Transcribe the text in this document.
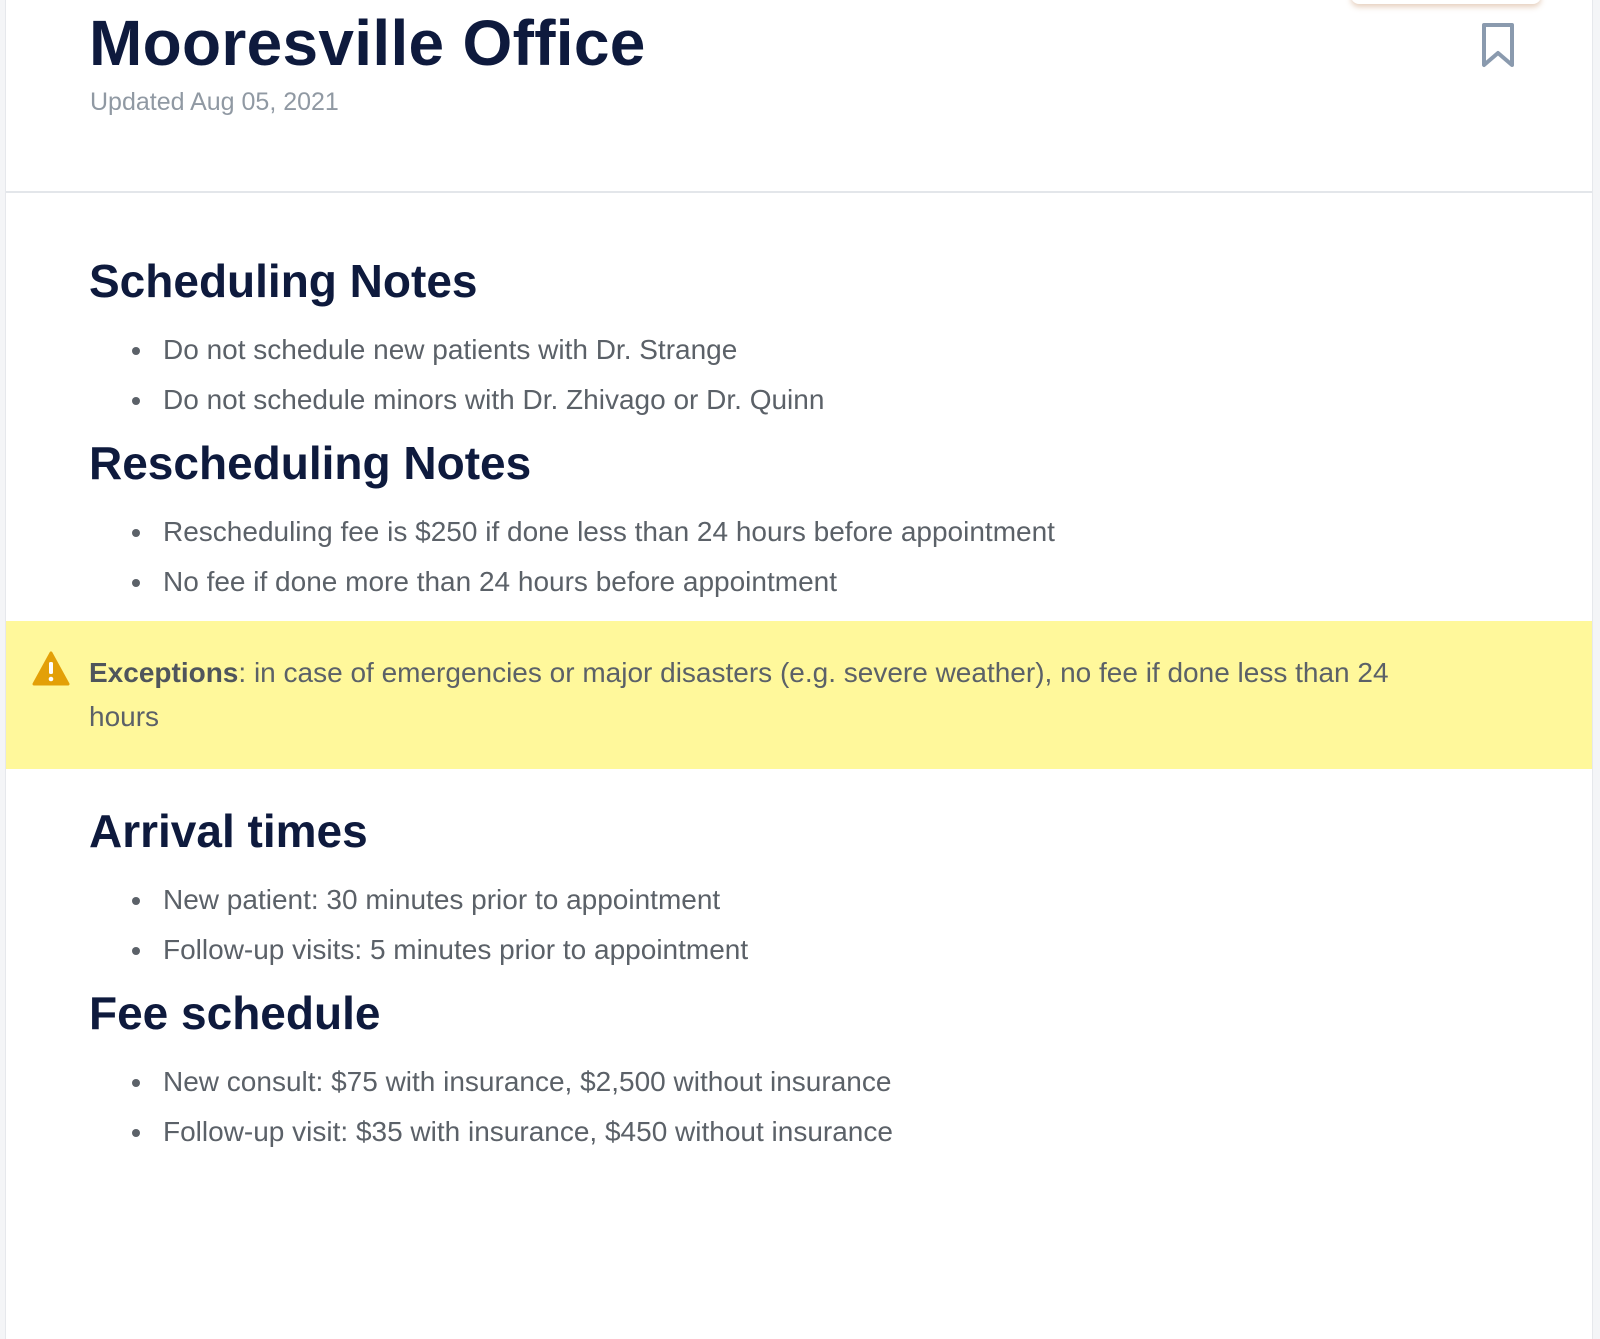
Mooresville Office
Updated Aug 05, 2021
Scheduling Notes
Do not schedule new patients with Dr. Strange
Do not schedule minors with Dr. Zhivago or Dr. Quinn
Rescheduling Notes
Rescheduling fee is $250 if done less than 24 hours before appointment
No fee if done more than 24 hours before appointment
Exceptions: in case of emergencies or major disasters (e.g. severe weather), no fee if done less than 24 hours
Arrival times
New patient: 30 minutes prior to appointment
Follow-up visits: 5 minutes prior to appointment
Fee schedule
New consult: $75 with insurance, $2,500 without insurance
Follow-up visit: $35 with insurance, $450 without insurance
